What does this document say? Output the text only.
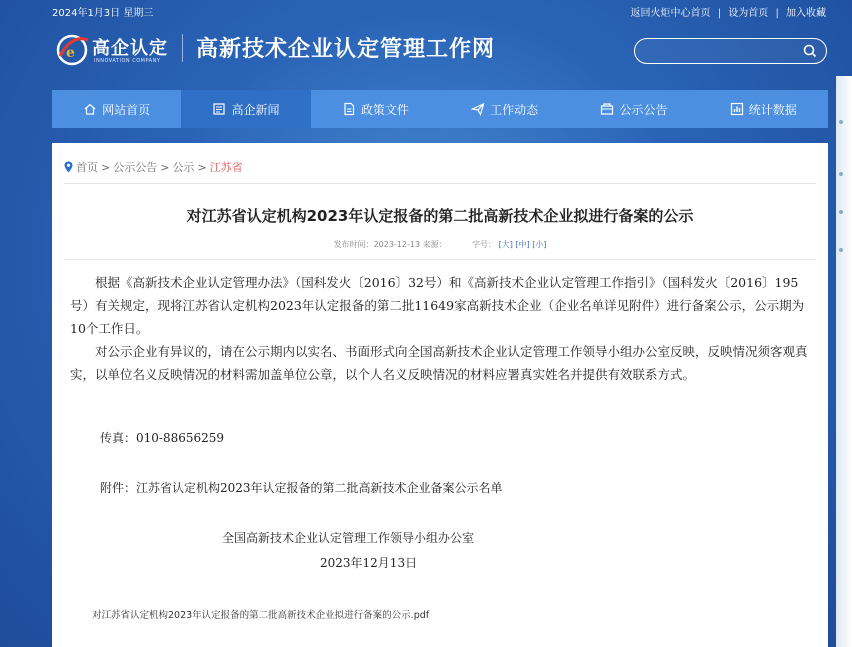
2024年1月3日 星期三	返回火炬中心首页 | 设为首页 | 加入收藏
e 高企认定
INNOVATION COMPANY 高新技术企业认定管理工作网
网站首页	高企新闻	政策文件	工作动态	公示公告	统计数据
首页 > 公示公告 > 公示 > 江苏省
对江苏省认定机构2023年认定报备的第二批高新技术企业拟进行备案的公示
发布时间：2023-12-13 来源：	字号： [大] [中] [小]

根据《高新技术企业认定管理办法》（国科发火〔2016〕32号）和《高新技术企业认定管理工作指引》（国科发火〔2016〕195号）有关规定，现将江苏省认定机构2023年认定报备的第二批11649家高新技术企业（企业名单详见附件）进行备案公示，公示期为10个工作日。

对公示企业有异议的，请在公示期内以实名、书面形式向全国高新技术企业认定管理工作领导小组办公室反映，反映情况须客观真实，以单位名义反映情况的材料需加盖单位公章，以个人名义反映情况的材料应署真实姓名并提供有效联系方式。

传真：010-88656259
附件：江苏省认定机构2023年认定报备的第二批高新技术企业备案公示名单
全国高新技术企业认定管理工作领导小组办公室
2023年12月13日
对江苏省认定机构2023年认定报备的第二批高新技术企业拟进行备案的公示.pdf
